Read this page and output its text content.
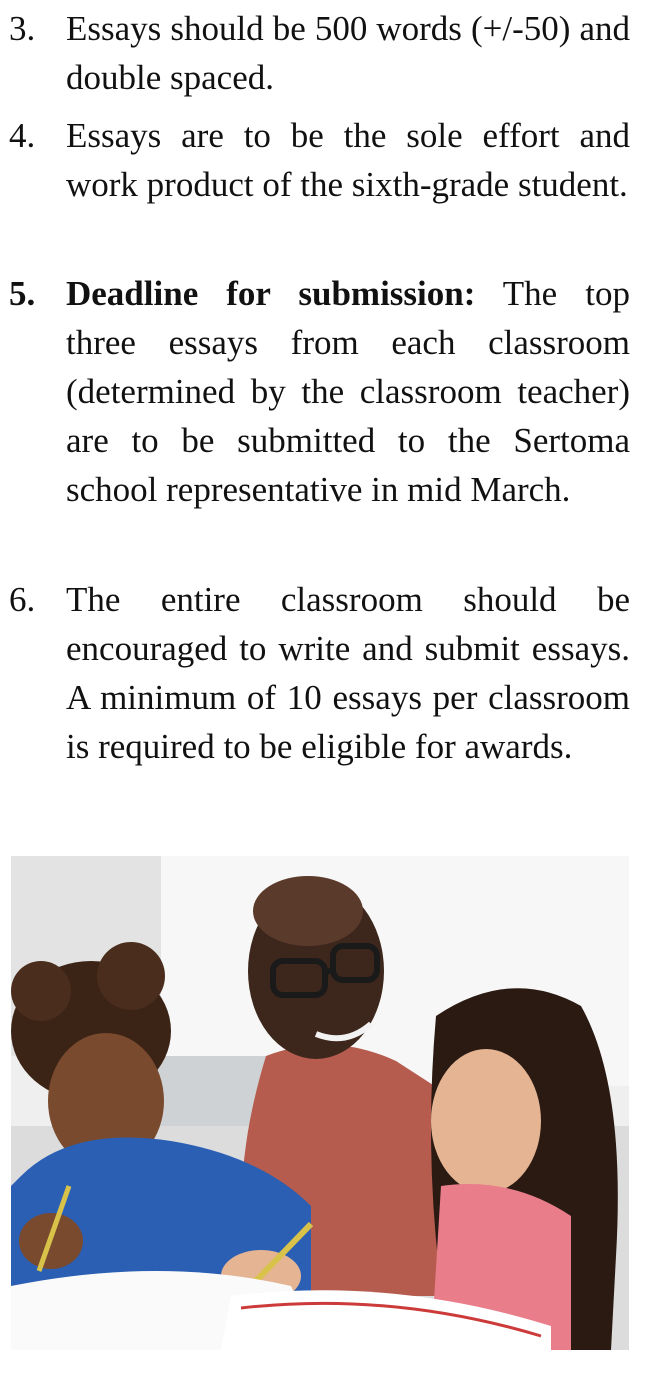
3. Essays should be 500 words (+/-50) and double spaced.
4. Essays are to be the sole effort and work product of the sixth-grade student.
5. Deadline for submission: The top three essays from each classroom (determined by the classroom teacher) are to be submitted to the Sertoma school representative in mid March.
6. The entire classroom should be encouraged to write and submit essays. A minimum of 10 essays per classroom is required to be eligible for awards.
